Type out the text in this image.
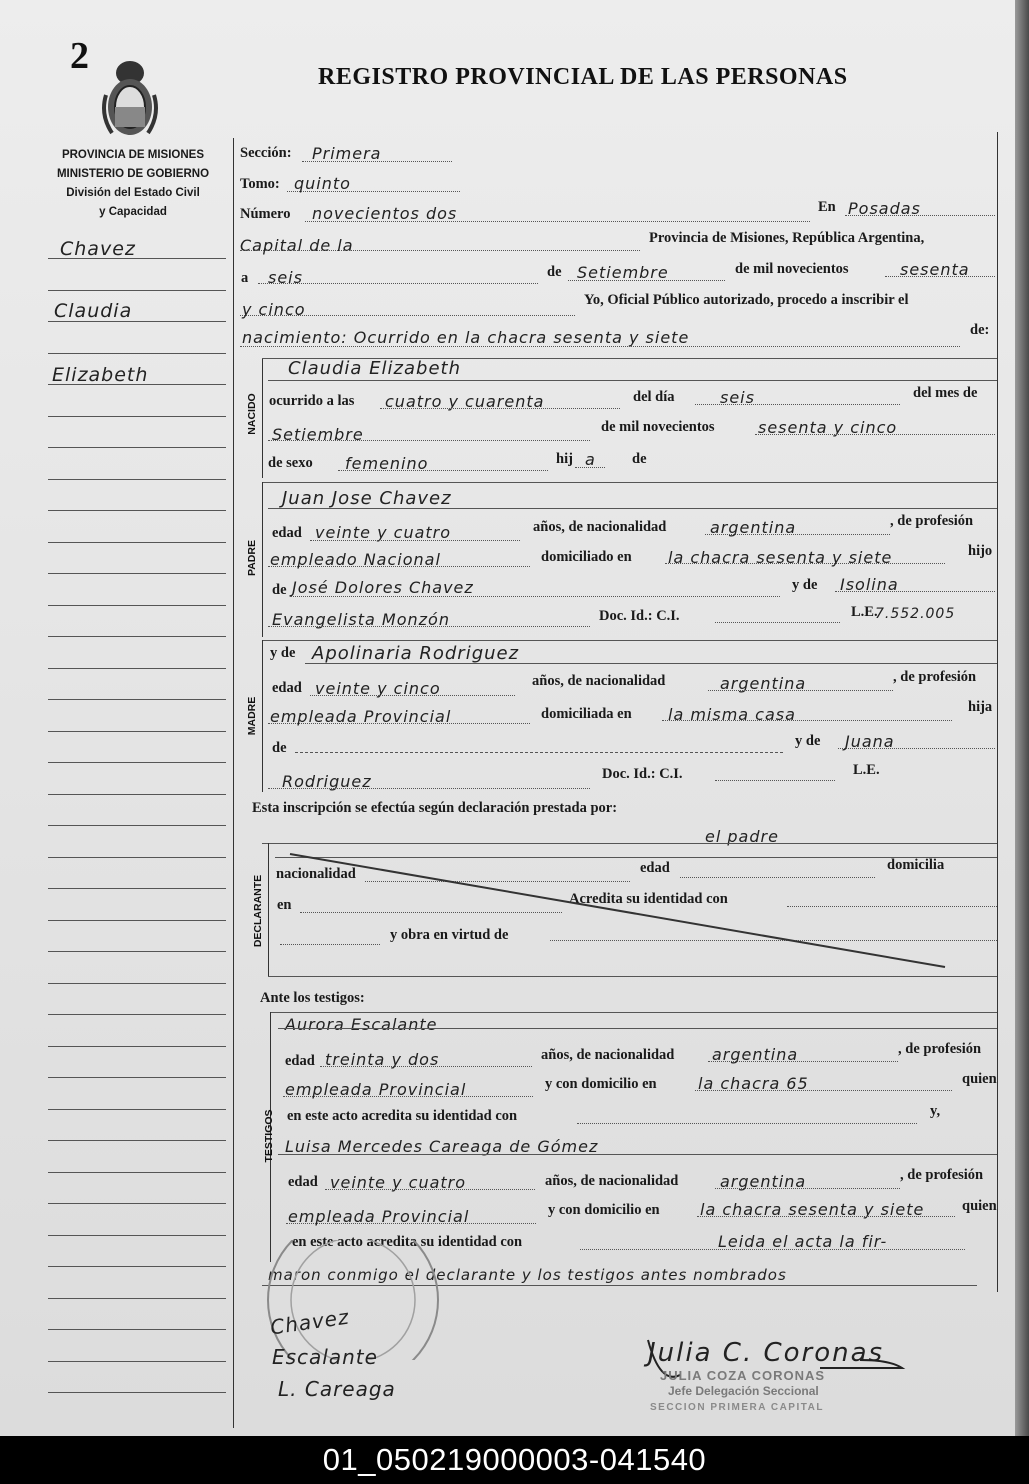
2	REGISTRO PROVINCIAL DE LAS PERSONAS
PROVINCIA DE MISIONES
MINISTERIO DE GOBIERNO
División del Estado Civil
y Capacidad
Chavez
Claudia
Elizabeth
Sección: Primera
Tomo: quinto
Número novecientos dos	En Posadas
Capital de la	Provincia de Misiones, República Argentina,
a seis	de Setiembre	de mil novecientos	sesenta
y cinco	Yo, Oficial Público autorizado, procedo a inscribir el
nacimiento: Ocurrido en la chacra sesenta y siete	de:
NACIDO
Claudia Elizabeth
ocurrido a las cuatro y cuarenta	del día	seis	del mes de
Setiembre	de mil novecientos	sesenta y cinco
de sexo femenino	hij a de
PADRE
Juan Jose Chavez
edad veinte y cuatro	años, de nacionalidad	argentina	, de profesión
empleado Nacional	domiciliado en la chacra sesenta y siete	hijo
de José Dolores Chavez	y de Isolina
Evangelista Monzón	Doc. Id.: C.I.	L.E.
7.552.005
MADRE
y de Apolinaria Rodriguez
edad veinte y cinco	años, de nacionalidad	argentina	, de profesión
empleada Provincial	domiciliada en la misma casa	hija
de	y de Juana
Rodriguez	Doc. Id.: C.I.	L.E.
Esta inscripción se efectúa según declaración prestada por:
el padre
DECLARANTE
nacionalidad	edad	domicilia
en	Acredita su identidad con
y obra en virtud de
Ante los testigos:
TESTIGOS
Aurora Escalante
edad treinta y dos	años, de nacionalidad argentina	, de profesión
empleada Provincial	y con domicilio en	la chacra 65	quien
en este acto acredita su identidad con	y,
Luisa Mercedes Careaga de Gómez
edad veinte y cuatro	años, de nacionalidad	argentina	, de profesión
empleada Provincial	y con domicilio en	la chacra sesenta y siete	quien
en este acto acredita su identidad con	Leida el acta la fir-
maron conmigo el declarante y los testigos antes nombrados
Chavez
Escalante
L. Careaga
Julia C. Coronas
JULIA COZA CORONAS
Jefe Delegación Seccional
SECCION PRIMERA CAPITAL
01_050219000003-041540
